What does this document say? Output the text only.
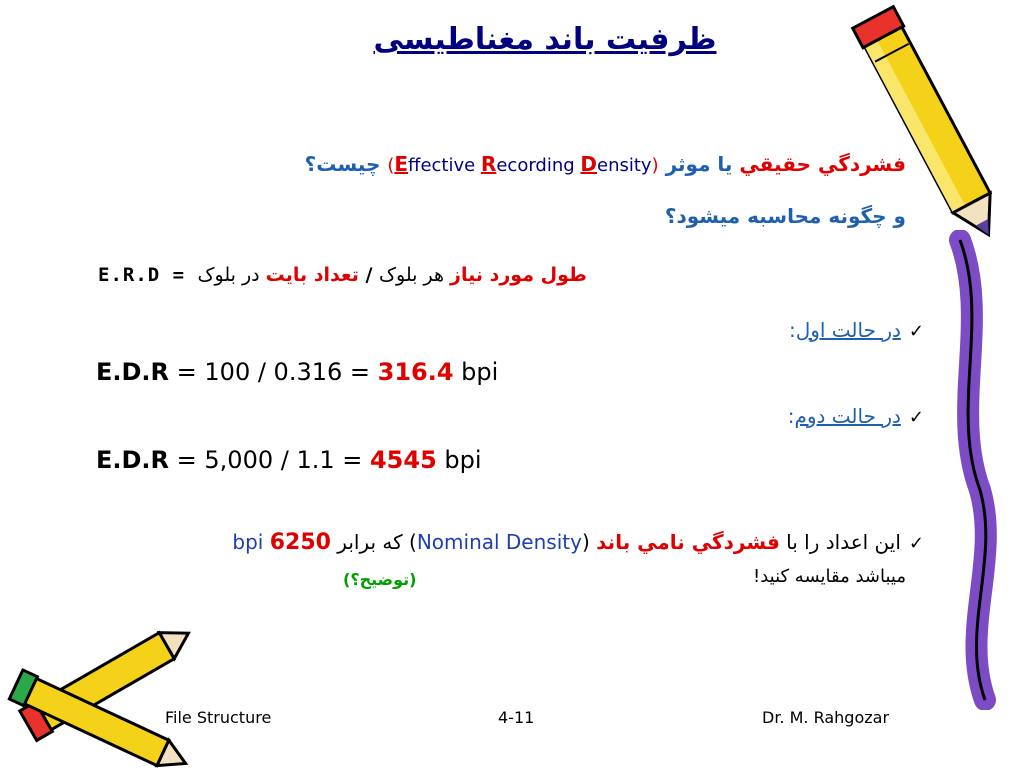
ظرفیت باند مغناطیسی
فشردگي حقيقي يا موثر (Effective Recording Density) چيست؟
و چگونه محاسبه ميشود؟
E.R.D =	طول مورد نياز هر بلوک / تعداد بايت در بلوک
✓در حالت اول:
E.D.R = 100 / 0.316 = 316.4 bpi
✓در حالت دوم:
E.D.R = 5,000 / 1.1 = 4545 bpi
✓اين اعداد را با فشردگي نامي باند (Nominal Density) که برابر bpi 6250
ميباشد مقايسه کنيد!
(توضيح؟)
File Structure	4-11	Dr. M. Rahgozar
